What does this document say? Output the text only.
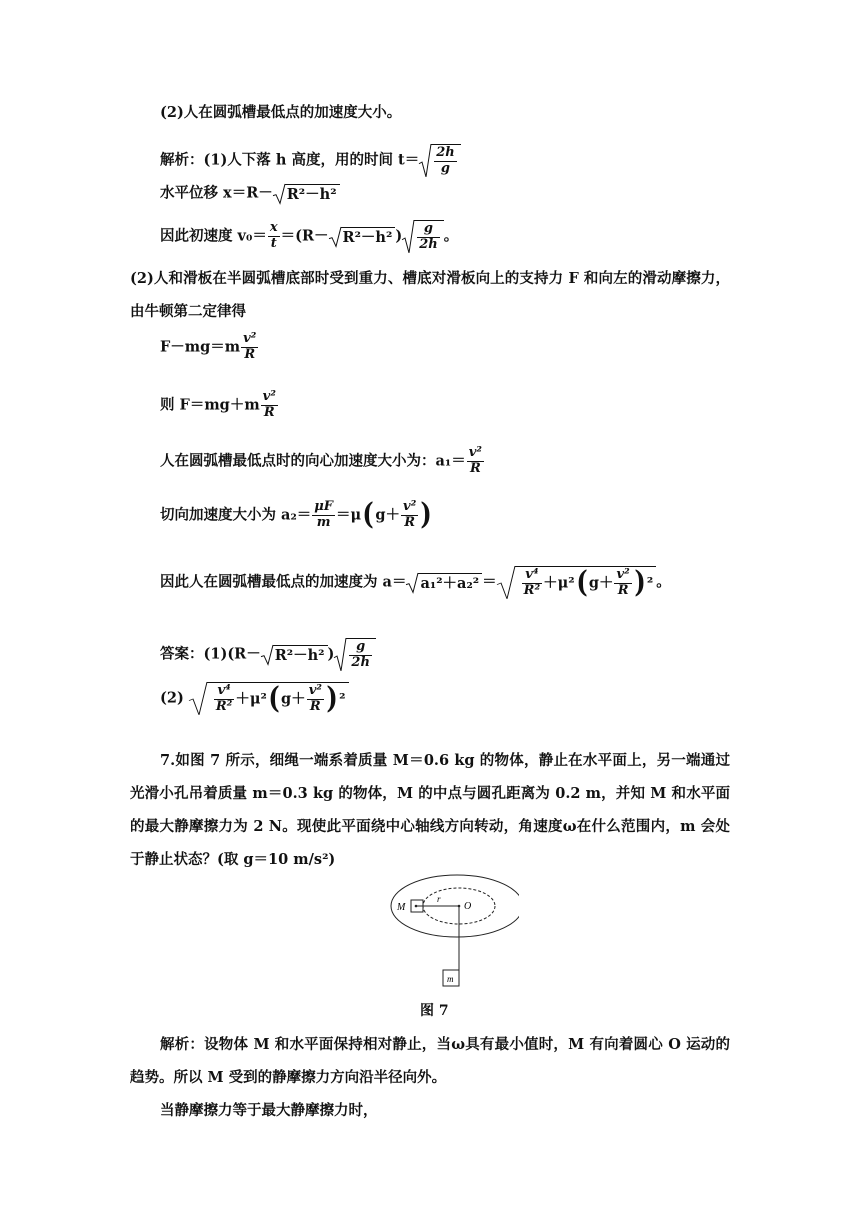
(2)人在圆弧槽最低点的加速度大小。
解析：(1)人下落 h 高度，用的时间 $t= \frac{2h}{g}$
水平位移 x＝R－ R²－h²
因此初速度 $v_0= \frac{x}{t} =(R- R^2-h^2$ ) $\frac{g}{2h}$ 。
(2)人和滑板在半圆弧槽底部时受到重力、槽底对滑板向上的支持力 F 和向左的滑动摩擦力，由牛顿第二定律得
$F-mg=m \frac{\text{v²}}{R}$
则 $F=mg+m \frac{\text{v²}}{R}$
人在圆弧槽最低点时的向心加速度大小为：$a_1= \frac{\text{v²}}{R}$
切向加速度大小为 $a_2= \frac{\mu F}{m} =\mu(g+ \frac{\text{v²}}{R}$ )
因此人在圆弧槽最低点的加速度为 $a= a_1^2+a_2^2 = \frac{\text{v⁴}}{\text{R²}} +\mu^2(g+ \frac{\text{v²}}{R} )^2$ 。
答案：(1)(R－ R²－h² ) $\frac{g}{2h}$
$(2) \frac{\text{v⁴}}{\text{R²}} +\mu^2(g+ \frac{\text{v²}}{R} )^2$
7.如图 7 所示，细绳一端系着质量 M＝0.6 kg 的物体，静止在水平面上，另一端通过光滑小孔吊着质量 m＝0.3 kg 的物体，M 的中点与圆孔距离为 0.2 m，并知 M 和水平面的最大静摩擦力为 2 N。现使此平面绕中心轴线方向转动，角速度ω在什么范围内，m 会处于静止状态？(取 g＝10 m/s²)
M
r
O
m
图 7
解析：设物体 M 和水平面保持相对静止，当ω具有最小值时，M 有向着圆心 O 运动的趋势。所以 M 受到的静摩擦力方向沿半径向外。
当静摩擦力等于最大静摩擦力时，
